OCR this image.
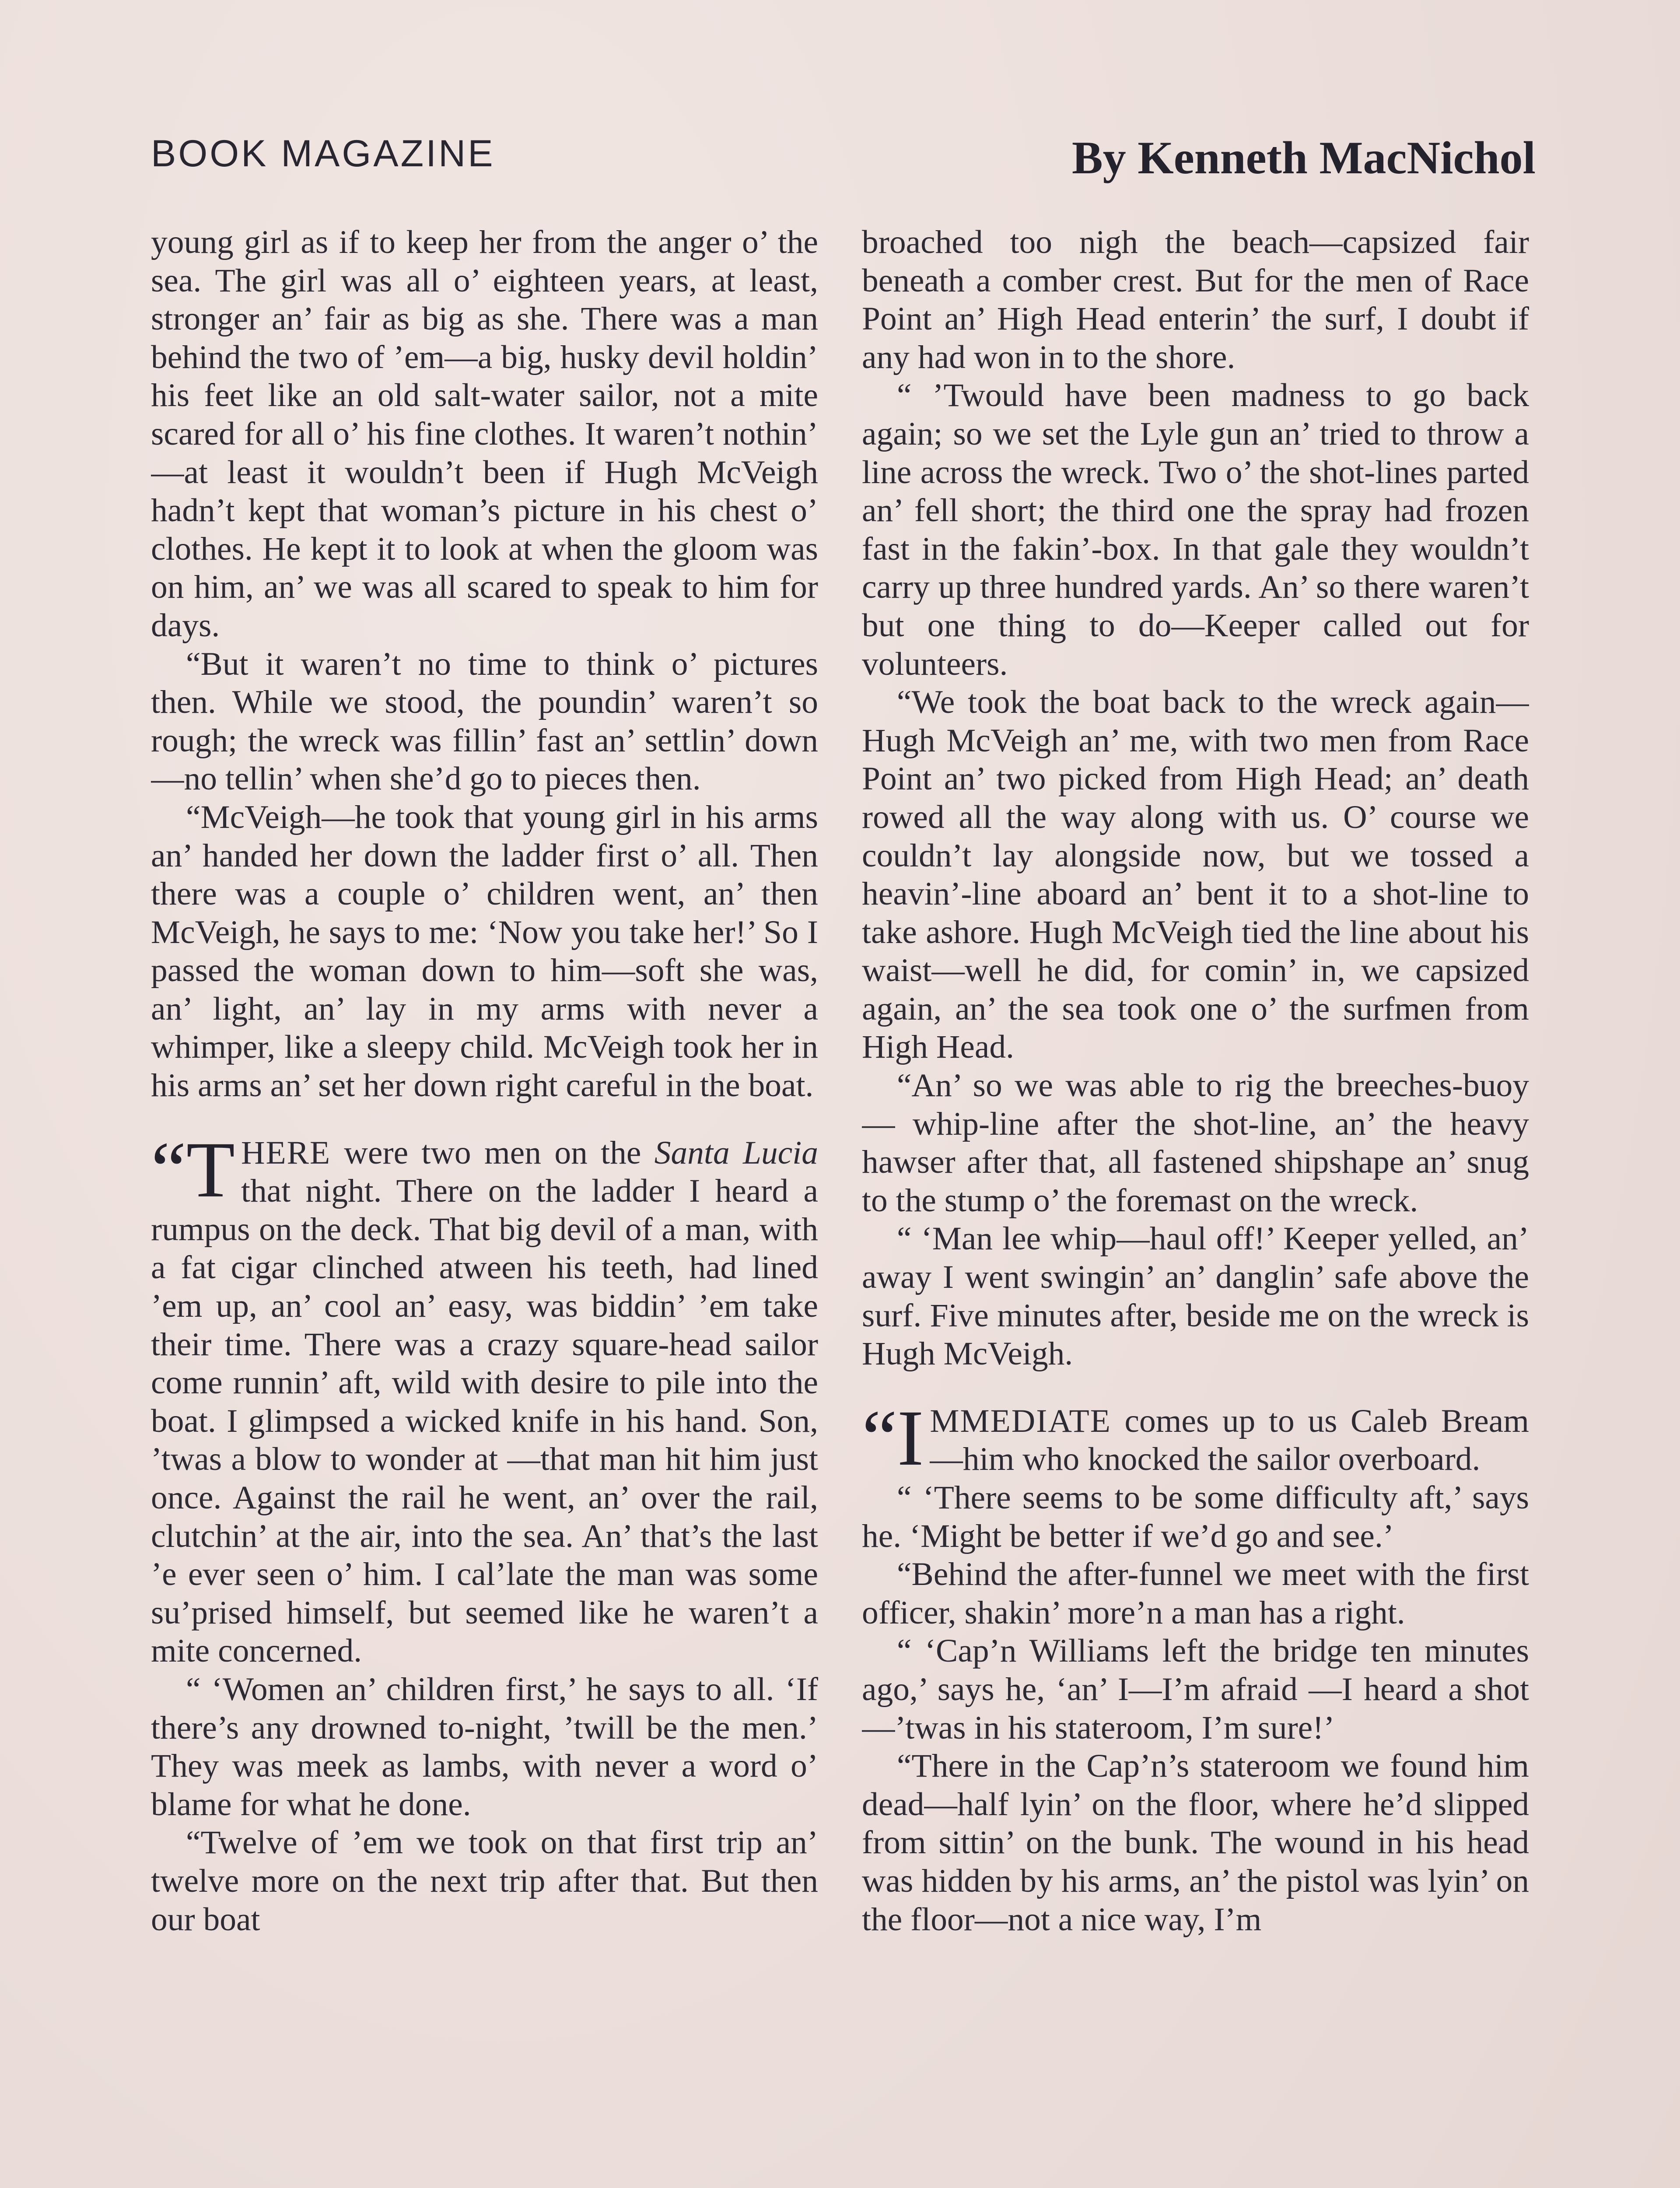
BOOK MAGAZINE	By Kenneth MacNichol

young girl as if to keep her from the anger o’ the sea. The girl was all o’ eighteen years, at least, stronger an’ fair as big as she. There was a man behind the two of ’em—a big, husky devil holdin’ his feet like an old salt-water sailor, not a mite scared for all o’ his fine clothes. It waren’t nothin’ —at least it wouldn’t been if Hugh McVeigh hadn’t kept that woman’s picture in his chest o’ clothes. He kept it to look at when the gloom was on him, an’ we was all scared to speak to him for days.

“But it waren’t no time to think o’ pictures then. While we stood, the poundin’ waren’t so rough; the wreck was fillin’ fast an’ settlin’ down—no tellin’ when she’d go to pieces then.

“McVeigh—he took that young girl in his arms an’ handed her down the ladder first o’ all. Then there was a couple o’ children went, an’ then McVeigh, he says to me: ‘Now you take her!’ So I passed the woman down to him—soft she was, an’ light, an’ lay in my arms with never a whimper, like a sleepy child. McVeigh took her in his arms an’ set her down right careful in the boat.

“T HERE were two men on the Santa Lucia that night. There on the ladder I heard a rumpus on the deck. That big devil of a man, with a fat cigar clinched atween his teeth, had lined ’em up, an’ cool an’ easy, was biddin’ ’em take their time. There was a crazy square-head sailor come runnin’ aft, wild with desire to pile into the boat. I glimpsed a wicked knife in his hand. Son, ’twas a blow to wonder at —that man hit him just once. Against the rail he went, an’ over the rail, clutchin’ at the air, into the sea. An’ that’s the last ’e ever seen o’ him. I cal’late the man was some su’prised himself, but seemed like he waren’t a mite concerned.

“ ‘Women an’ children first,’ he says to all. ‘If there’s any drowned to-night, ’twill be the men.’ They was meek as lambs, with never a word o’ blame for what he done.

“Twelve of ’em we took on that first trip an’ twelve more on the next trip after that. But then our boat

broached too nigh the beach—capsized fair beneath a comber crest. But for the men of Race Point an’ High Head enterin’ the surf, I doubt if any had won in to the shore.

“ ’Twould have been madness to go back again; so we set the Lyle gun an’ tried to throw a line across the wreck. Two o’ the shot-lines parted an’ fell short; the third one the spray had frozen fast in the fakin’-box. In that gale they wouldn’t carry up three hundred yards. An’ so there waren’t but one thing to do—Keeper called out for volunteers.

“We took the boat back to the wreck again—Hugh McVeigh an’ me, with two men from Race Point an’ two picked from High Head; an’ death rowed all the way along with us. O’ course we couldn’t lay alongside now, but we tossed a heavin’-line aboard an’ bent it to a shot-line to take ashore. Hugh McVeigh tied the line about his waist—well he did, for comin’ in, we capsized again, an’ the sea took one o’ the surfmen from High Head.

“An’ so we was able to rig the breeches-buoy — whip-line after the shot-line, an’ the heavy hawser after that, all fastened shipshape an’ snug to the stump o’ the foremast on the wreck.

“ ‘Man lee whip—haul off!’ Keeper yelled, an’ away I went swingin’ an’ danglin’ safe above the surf. Five minutes after, beside me on the wreck is Hugh McVeigh.

“I MMEDIATE comes up to us Caleb Bream—him who knocked the sailor overboard.

“ ‘There seems to be some difficulty aft,’ says he. ‘Might be better if we’d go and see.’

“Behind the after-funnel we meet with the first officer, shakin’ more’n a man has a right.

“ ‘Cap’n Williams left the bridge ten minutes ago,’ says he, ‘an’ I—I’m afraid —I heard a shot—’twas in his stateroom, I’m sure!’

“There in the Cap’n’s stateroom we found him dead—half lyin’ on the floor, where he’d slipped from sittin’ on the bunk. The wound in his head was hidden by his arms, an’ the pistol was lyin’ on the floor—not a nice way, I’m
